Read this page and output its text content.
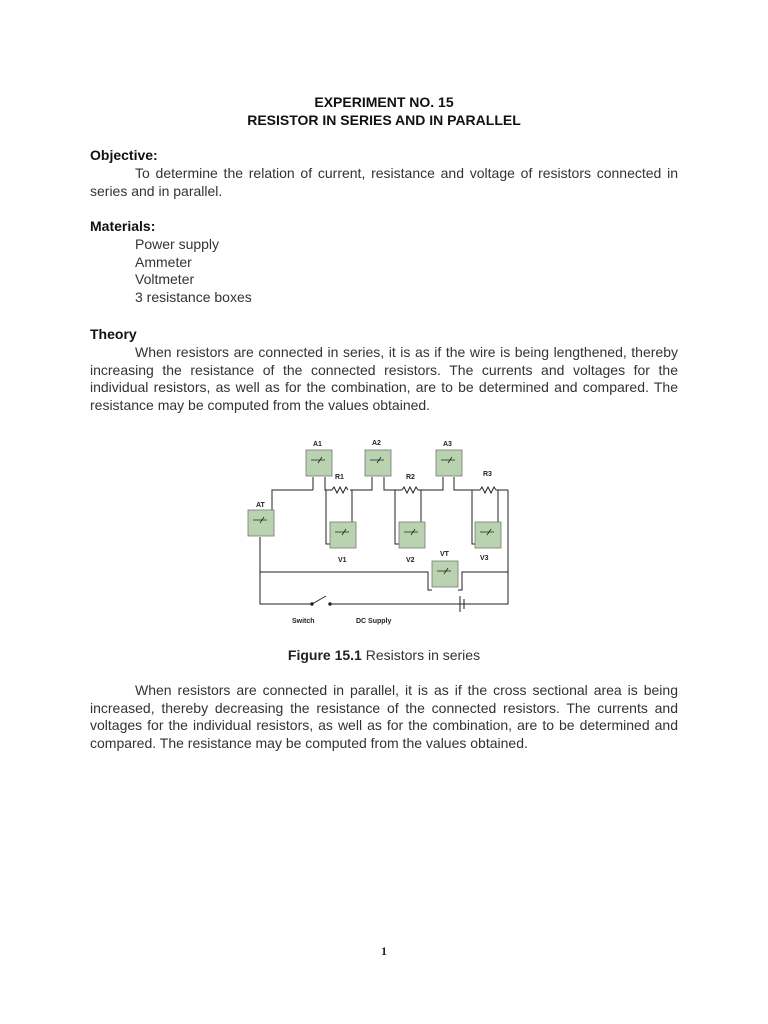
EXPERIMENT NO. 15
RESISTOR IN SERIES AND IN PARALLEL
Objective:
To determine the relation of current, resistance and voltage of resistors connected in series and in parallel.
Materials:
Power supply
Ammeter
Voltmeter
3 resistance boxes
Theory
When resistors are connected in series, it is as if the wire is being lengthened, thereby increasing the resistance of the connected resistors. The currents and voltages for the individual resistors, as well as for the combination, are to be determined and compared. The resistance may be computed from the values obtained.
A1	A2	A3
AT
R1	R2	R3
V1	V2	V3
VT
Switch	DC Supply
Figure 15.1 Resistors in series
When resistors are connected in parallel, it is as if the cross sectional area is being increased, thereby decreasing the resistance of the connected resistors. The currents and voltages for the individual resistors, as well as for the combination, are to be determined and compared. The resistance may be computed from the values obtained.
1
